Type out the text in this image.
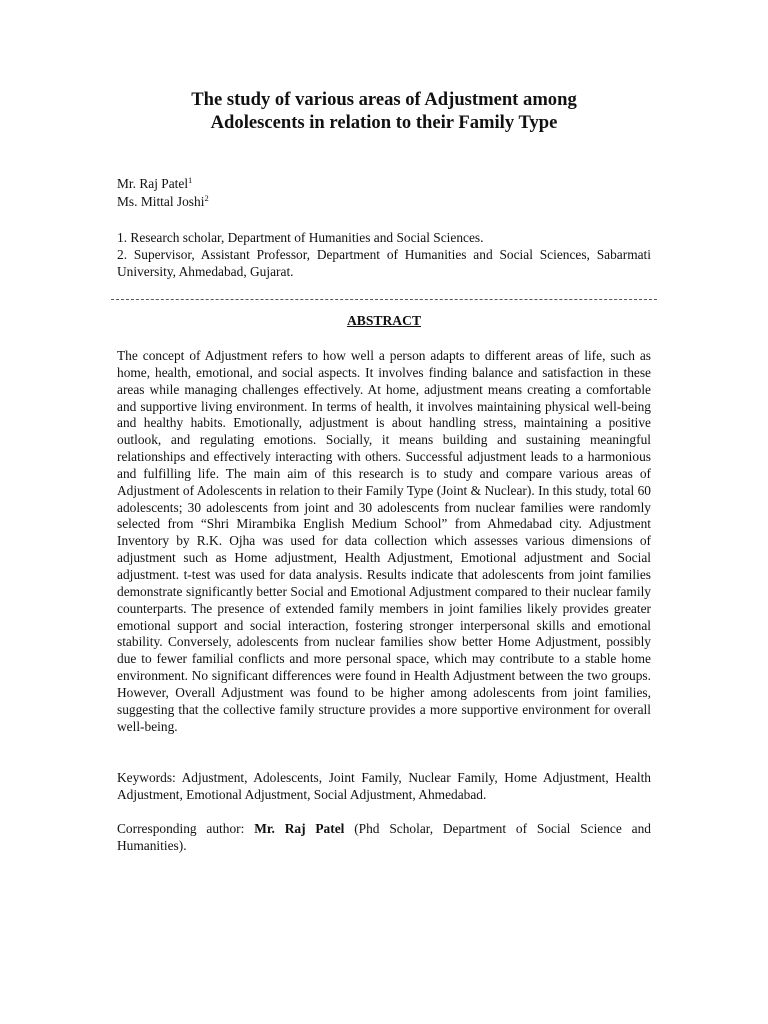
The study of various areas of Adjustment among
Adolescents in relation to their Family Type
Mr. Raj Patel$^1$
Ms. Mittal Joshi$^2$

1. Research scholar, Department of Humanities and Social Sciences.

2. Supervisor, Assistant Professor, Department of Humanities and Social Sciences, Sabarmati University, Ahmedabad, Gujarat.

ABSTRACT
The concept of Adjustment refers to how well a person adapts to different areas of life, such as home, health, emotional, and social aspects. It involves finding balance and satisfaction in these areas while managing challenges effectively. At home, adjustment means creating a comfortable and supportive living environment. In terms of health, it involves maintaining physical well-being and healthy habits. Emotionally, adjustment is about handling stress, maintaining a positive outlook, and regulating emotions. Socially, it means building and sustaining meaningful relationships and effectively interacting with others. Successful adjustment leads to a harmonious and fulfilling life. The main aim of this research is to study and compare various areas of Adjustment of Adolescents in relation to their Family Type (Joint & Nuclear). In this study, total 60 adolescents; 30 adolescents from joint and 30 adolescents from nuclear families were randomly selected from “Shri Mirambika English Medium School” from Ahmedabad city. Adjustment Inventory by R.K. Ojha was used for data collection which assesses various dimensions of adjustment such as Home adjustment, Health Adjustment, Emotional adjustment and Social adjustment. t-test was used for data analysis. Results indicate that adolescents from joint families demonstrate significantly better Social and Emotional Adjustment compared to their nuclear family counterparts. The presence of extended family members in joint families likely provides greater emotional support and social interaction, fostering stronger interpersonal skills and emotional stability. Conversely, adolescents from nuclear families show better Home Adjustment, possibly due to fewer familial conflicts and more personal space, which may contribute to a stable home environment. No significant differences were found in Health Adjustment between the two groups. However, Overall Adjustment was found to be higher among adolescents from joint families, suggesting that the collective family structure provides a more supportive environment for overall well-being.
Keywords: Adjustment, Adolescents, Joint Family, Nuclear Family, Home Adjustment, Health Adjustment, Emotional Adjustment, Social Adjustment, Ahmedabad.
Corresponding author: Mr. Raj Patel (Phd Scholar, Department of Social Science and Humanities).
